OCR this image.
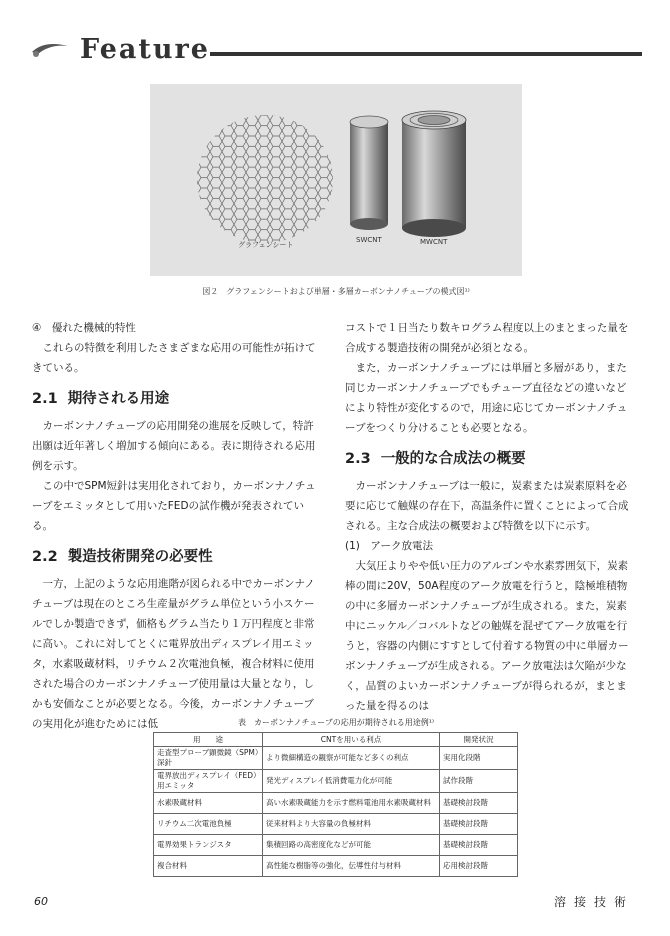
Feature
グラフェンシート
SWCNT	MWCNT
図２　グラフェンシートおよび単層・多層カーボンナノチューブの模式図¹⁾

④　優れた機械的特性

これらの特徴を利用したさまざまな応用の可能性が拓けてきている。

2.1 期待される用途

カーボンナノチューブの応用開発の進展を反映して，特許出願は近年著しく増加する傾向にある。表に期待される応用例を示す。

この中でSPM短針は実用化されており，カーボンナノチューブをエミッタとして用いたFEDの試作機が発表されている。

2.2 製造技術開発の必要性

一方，上記のような応用進階が図られる中でカーボンナノチューブは現在のところ生産量がグラム単位という小スケールでしか製造できず，価格もグラム当たり１万円程度と非常に高い。これに対してとくに電界放出ディスプレイ用エミッタ，水素吸蔵材料，リチウム２次電池負極，複合材料に使用された場合のカーボンナノチューブ使用量は大量となり，しかも安価なことが必要となる。今後，カーボンナノチューブの実用化が進むためには低

コストで１日当たり数キログラム程度以上のまとまった量を合成する製造技術の開発が必須となる。

また，カーボンナノチューブには単層と多層があり，また同じカーボンナノチューブでもチューブ直径などの違いなどにより特性が変化するので，用途に応じてカーボンナノチューブをつくり分けることも必要となる。

2.3 一般的な合成法の概要

カーボンナノチューブは一般に，炭素または炭素原料を必要に応じて触媒の存在下，高温条件に置くことによって合成される。主な合成法の概要および特徴を以下に示す。

(1)　アーク放電法

大気圧よりやや低い圧力のアルゴンや水素雰囲気下，炭素棒の間に20V，50A程度のアーク放電を行うと，陰極堆積物の中に多層カーボンナノチューブが生成される。また，炭素中にニッケル／コバルトなどの触媒を混ぜてアーク放電を行うと，容器の内側にすすとして付着する物質の中に単層カーボンナノチューブが生成される。アーク放電法は欠陥が少なく，品質のよいカーボンナノチューブが得られるが，まとまった量を得るのは

表　カーボンナノチューブの応用が期待される用途例¹⁾
用　　途	CNTを用いる利点	開発状況
走査型プローブ顕微鏡（SPM）深針	より微細構造の観察が可能など多くの利点	実用化段階
電界放出ディスプレイ（FED）用エミッタ	発光ディスプレイ低消費電力化が可能	試作段階
水素吸蔵材料	高い水素吸蔵能力を示す燃料電池用水素吸蔵材料	基礎検討段階
リチウム二次電池負極	従来材料より大容量の負極材料	基礎検討段階
電界効果トランジスタ	集積回路の高密度化などが可能	基礎検討段階
複合材料	高性能な樹脂等の強化，伝導性付与材料	応用検討段階
60	溶接技術
